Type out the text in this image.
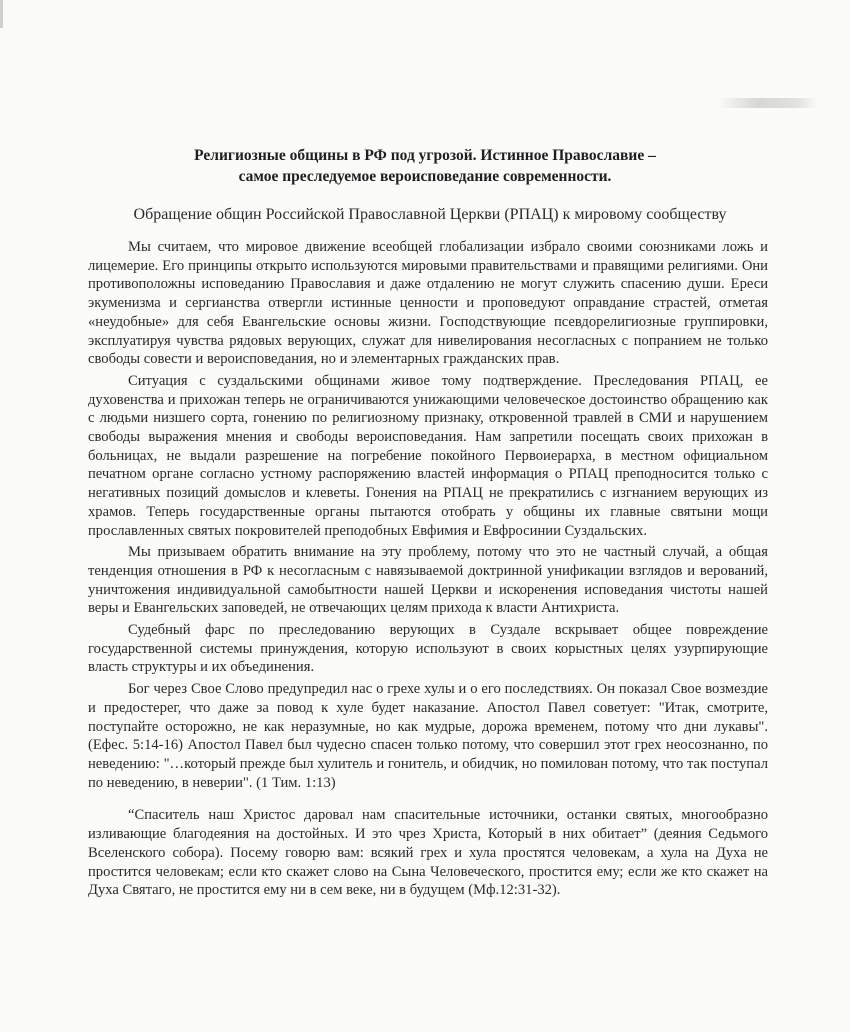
Религиозные общины в РФ под угрозой. Истинное Православие –
самое преследуемое вероисповедание современности.
Обращение общин Российской Православной Церкви (РПАЦ) к мировому сообществу

Мы считаем, что мировое движение всеобщей глобализации избрало своими союзниками ложь и лицемерие. Его принципы открыто используются мировыми правительствами и правящими религиями. Они противоположны исповеданию Православия и даже отдалению не могут служить спасению души. Ереси экуменизма и сергианства отвергли истинные ценности и проповедуют оправдание страстей, отметая «неудобные» для себя Евангельские основы жизни. Господствующие псевдорелигиозные группировки, эксплуатируя чувства рядовых верующих, служат для нивелирования несогласных с попранием не только свободы совести и вероисповедания, но и элементарных гражданских прав.

Ситуация с суздальскими общинами живое тому подтверждение. Преследования РПАЦ, ее духовенства и прихожан теперь не ограничиваются унижающими человеческое достоинство обращению как с людьми низшего сорта, гонению по религиозному признаку, откровенной травлей в СМИ и нарушением свободы выражения мнения и свободы вероисповедания. Нам запретили посещать своих прихожан в больницах, не выдали разрешение на погребение покойного Первоиерарха, в местном официальном печатном органе согласно устному распоряжению властей информация о РПАЦ преподносится только с негативных позиций домыслов и клеветы. Гонения на РПАЦ не прекратились с изгнанием верующих из храмов. Теперь государственные органы пытаются отобрать у общины их главные святыни мощи прославленных святых покровителей преподобных Евфимия и Евфросинии Суздальских.

Мы призываем обратить внимание на эту проблему, потому что это не частный случай, а общая тенденция отношения в РФ к несогласным с навязываемой доктринной унификации взглядов и верований, уничтожения индивидуальной самобытности нашей Церкви и искоренения исповедания чистоты нашей веры и Евангельских заповедей, не отвечающих целям прихода к власти Антихриста.

Судебный фарс по преследованию верующих в Суздале вскрывает общее повреждение государственной системы принуждения, которую используют в своих корыстных целях узурпирующие власть структуры и их объединения.

Бог через Свое Слово предупредил нас о грехе хулы и о его последствиях. Он показал Свое возмездие и предостерег, что даже за повод к хуле будет наказание. Апостол Павел советует: "Итак, смотрите, поступайте осторожно, не как неразумные, но как мудрые, дорожа временем, потому что дни лукавы". (Ефес. 5:14-16) Апостол Павел был чудесно спасен только потому, что совершил этот грех неосознанно, по неведению: "…который прежде был хулитель и гонитель, и обидчик, но помилован потому, что так поступал по неведению, в неверии". (1 Тим. 1:13)

“Спаситель наш Христос даровал нам спасительные источники, останки святых, многообразно изливающие благодеяния на достойных. И это чрез Христа, Который в них обитает” (деяния Седьмого Вселенского собора). Посему говорю вам: всякий грех и хула простятся человекам, а хула на Духа не простится человекам; если кто скажет слово на Сына Человеческого, простится ему; если же кто скажет на Духа Святаго, не простится ему ни в сем веке, ни в будущем (Мф.12:31-32).
